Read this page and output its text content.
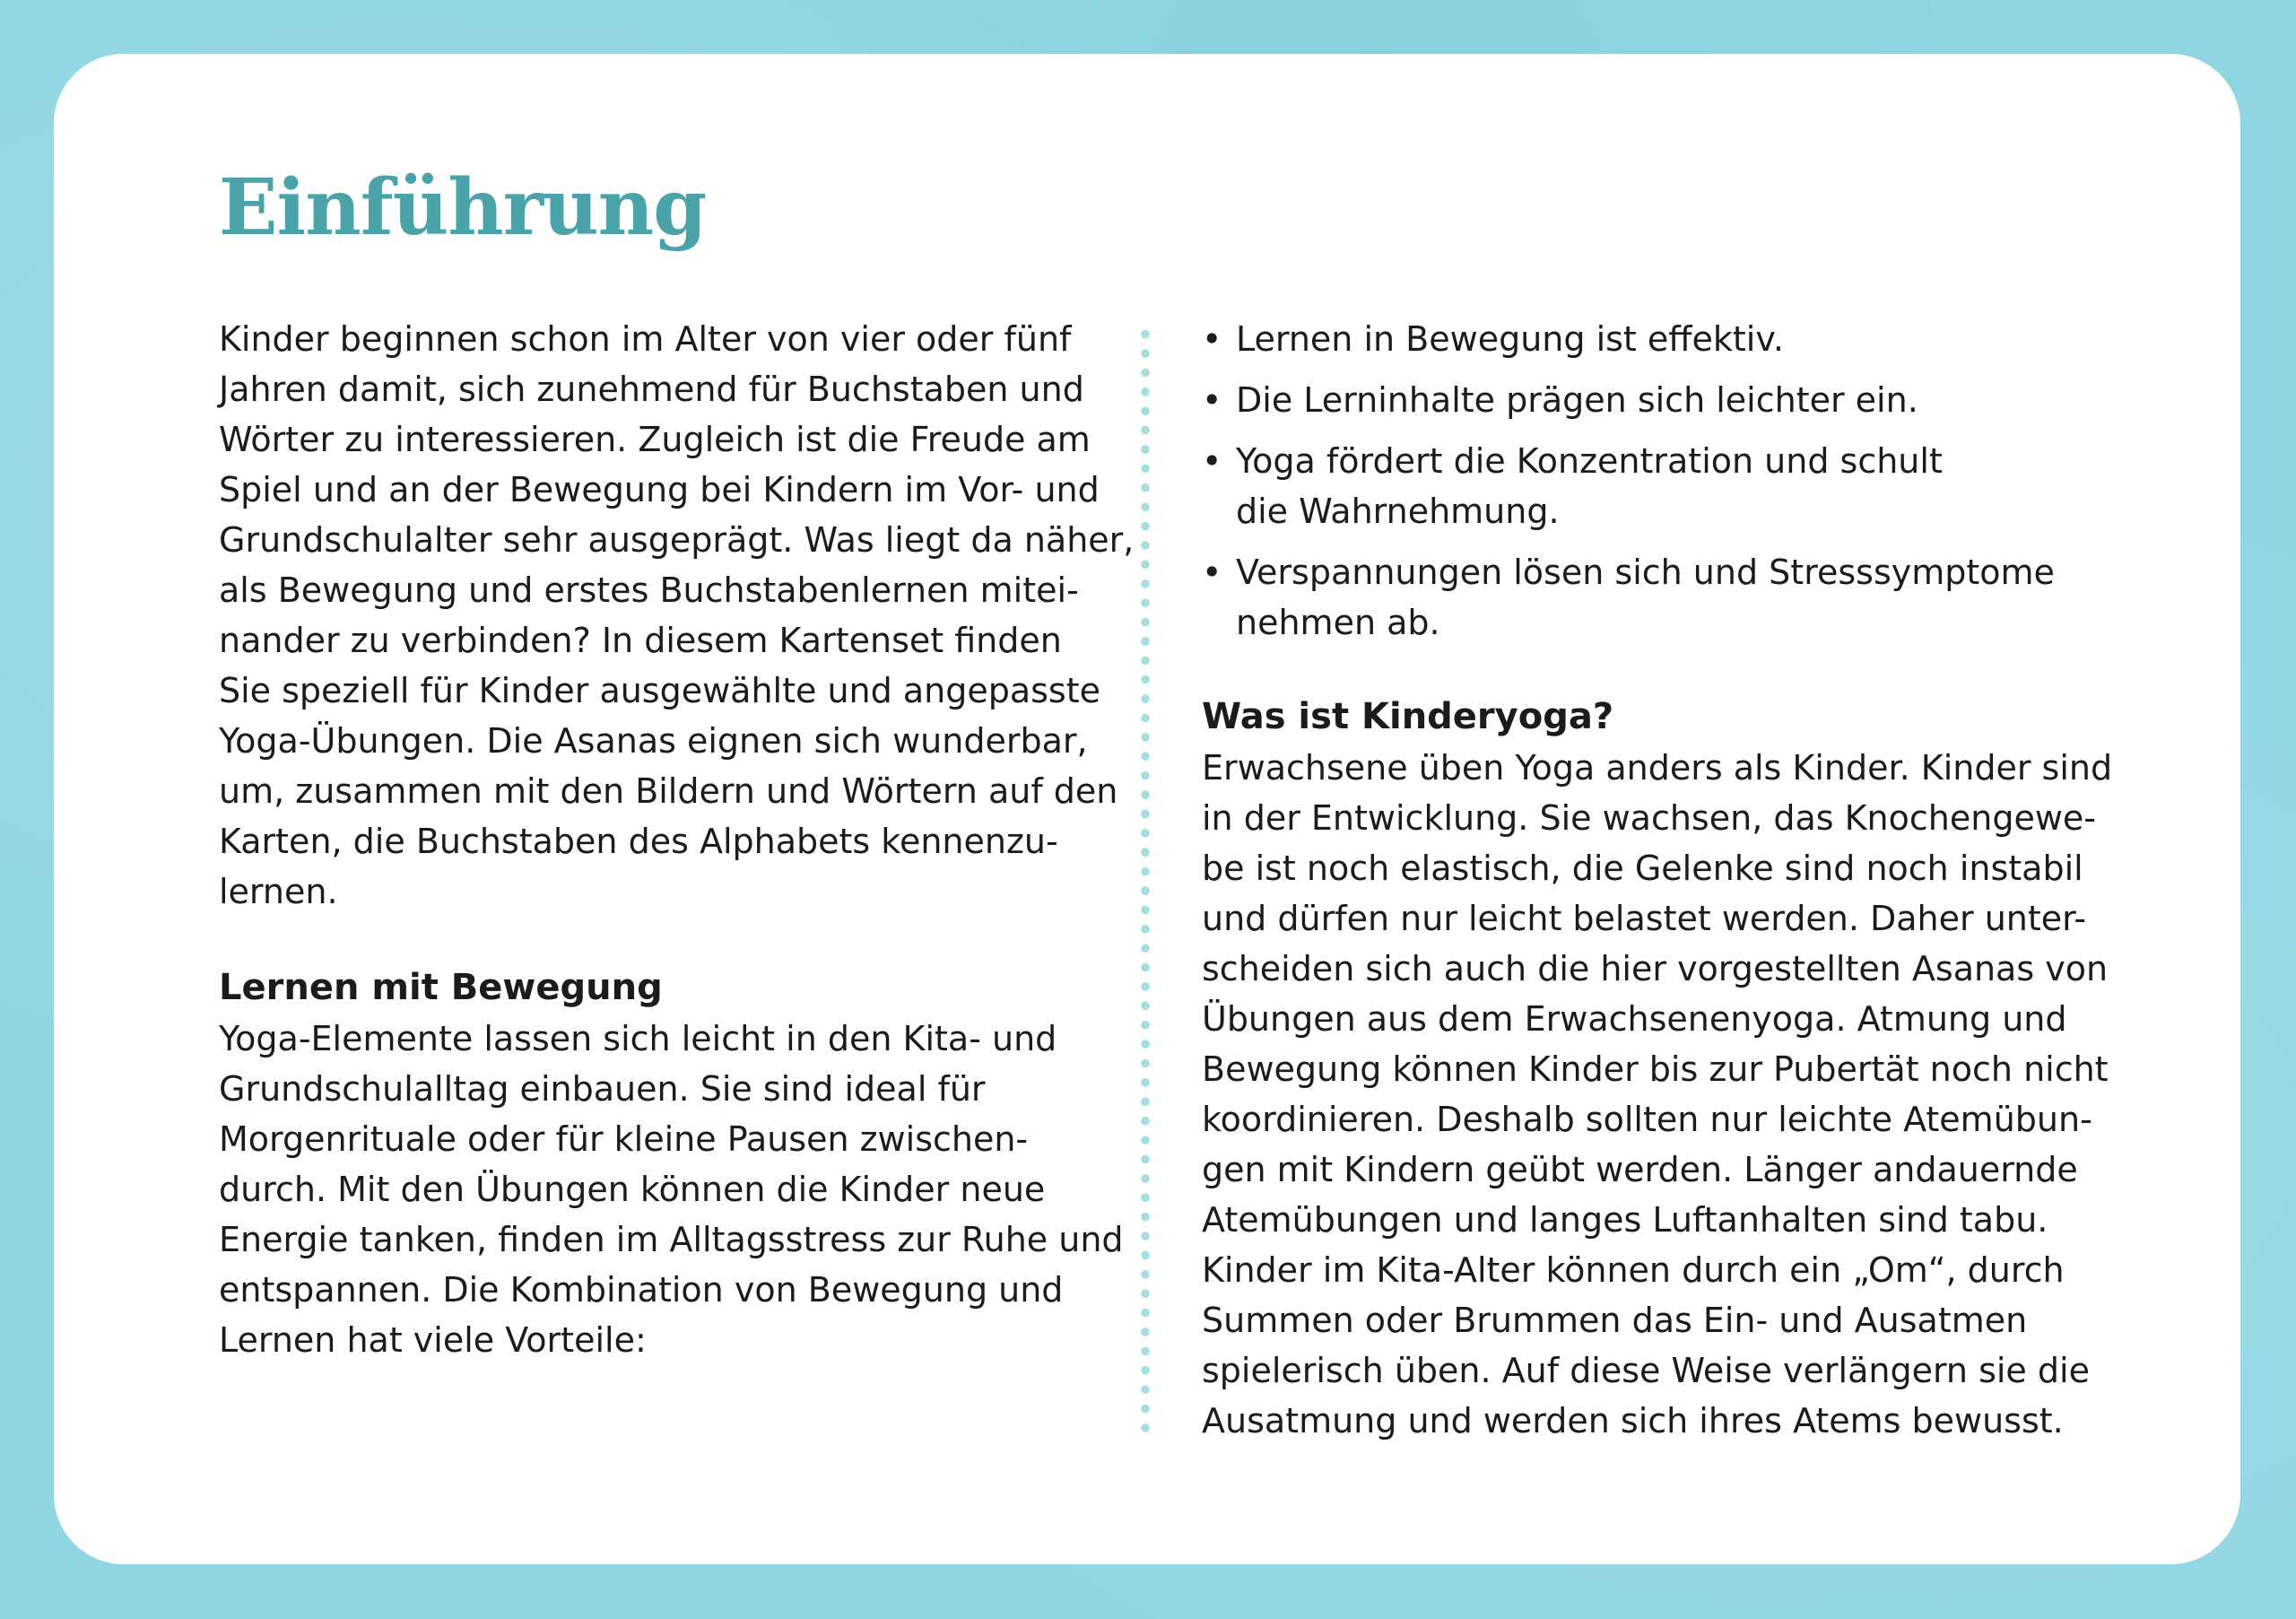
Einführung
Kinder beginnen schon im Alter von vier oder fünf
Jahren damit, sich zunehmend für Buchstaben und
Wörter zu interessieren. Zugleich ist die Freude am
Spiel und an der Bewegung bei Kindern im Vor- und
Grundschulalter sehr ausgeprägt. Was liegt da näher,
als Bewegung und erstes Buchstabenlernen mitei-
nander zu verbinden? In diesem Kartenset finden
Sie speziell für Kinder ausgewählte und angepasste
Yoga-Übungen. Die Asanas eignen sich wunderbar,
um, zusammen mit den Bildern und Wörtern auf den
Karten, die Buchstaben des Alphabets kennenzu-
lernen.
Lernen mit Bewegung
Yoga-Elemente lassen sich leicht in den Kita- und
Grundschulalltag einbauen. Sie sind ideal für
Morgenrituale oder für kleine Pausen zwischen-
durch. Mit den Übungen können die Kinder neue
Energie tanken, finden im Alltagsstress zur Ruhe und
entspannen. Die Kombination von Bewegung und
Lernen hat viele Vorteile:
• Lernen in Bewegung ist effektiv.
• Die Lerninhalte prägen sich leichter ein.
• Yoga fördert die Konzentration und schult
die Wahrnehmung.
• Verspannungen lösen sich und Stresssymptome
nehmen ab.
Was ist Kinderyoga?
Erwachsene üben Yoga anders als Kinder. Kinder sind
in der Entwicklung. Sie wachsen, das Knochengewe-
be ist noch elastisch, die Gelenke sind noch instabil
und dürfen nur leicht belastet werden. Daher unter-
scheiden sich auch die hier vorgestellten Asanas von
Übungen aus dem Erwachsenenyoga. Atmung und
Bewegung können Kinder bis zur Pubertät noch nicht
koordinieren. Deshalb sollten nur leichte Atemübun-
gen mit Kindern geübt werden. Länger andauernde
Atemübungen und langes Luftanhalten sind tabu.
Kinder im Kita-Alter können durch ein „Om“, durch
Summen oder Brummen das Ein- und Ausatmen
spielerisch üben. Auf diese Weise verlängern sie die
Ausatmung und werden sich ihres Atems bewusst.
